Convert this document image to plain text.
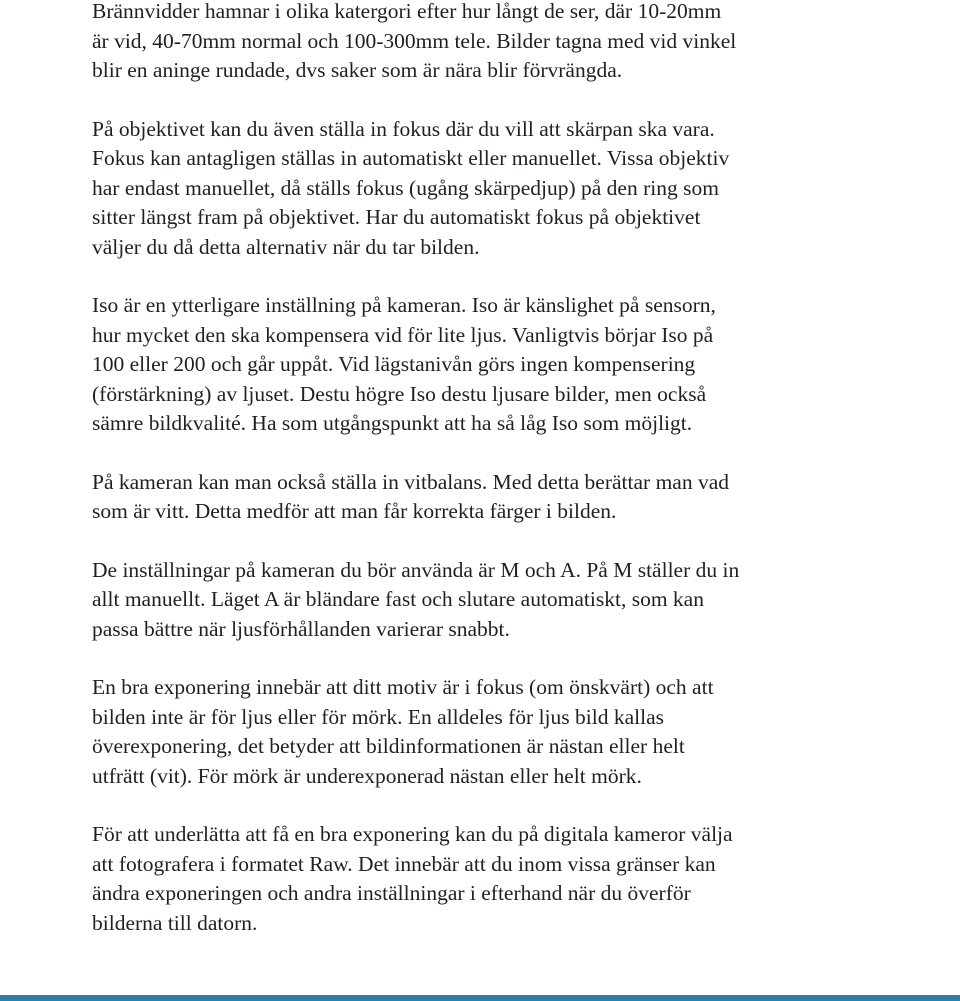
Brännvidder hamnar i olika katergori efter hur långt de ser, där 10-20mm
är vid, 40-70mm normal och 100-300mm tele. Bilder tagna med vid vinkel
blir en aninge rundade, dvs saker som är nära blir förvrängda.

På objektivet kan du även ställa in fokus där du vill att skärpan ska vara.
Fokus kan antagligen ställas in automatiskt eller manuellet. Vissa objektiv
har endast manuellet, då ställs fokus (ugång skärpedjup) på den ring som
sitter längst fram på objektivet. Har du automatiskt fokus på objektivet
väljer du då detta alternativ när du tar bilden.

Iso är en ytterligare inställning på kameran. Iso är känslighet på sensorn,
hur mycket den ska kompensera vid för lite ljus. Vanligtvis börjar Iso på
100 eller 200 och går uppåt. Vid lägstanivån görs ingen kompensering
(förstärkning) av ljuset. Destu högre Iso destu ljusare bilder, men också
sämre bildkvalité. Ha som utgångspunkt att ha så låg Iso som möjligt.

På kameran kan man också ställa in vitbalans. Med detta berättar man vad
som är vitt. Detta medför att man får korrekta färger i bilden.

De inställningar på kameran du bör använda är M och A. På M ställer du in
allt manuellt. Läget A är bländare fast och slutare automatiskt, som kan
passa bättre när ljusförhållanden varierar snabbt.

En bra exponering innebär att ditt motiv är i fokus (om önskvärt) och att
bilden inte är för ljus eller för mörk. En alldeles för ljus bild kallas
överexponering, det betyder att bildinformationen är nästan eller helt
utfrätt (vit). För mörk är underexponerad nästan eller helt mörk.

För att underlätta att få en bra exponering kan du på digitala kameror välja
att fotografera i formatet Raw. Det innebär att du inom vissa gränser kan
ändra exponeringen och andra inställningar i efterhand när du överför
bilderna till datorn.
